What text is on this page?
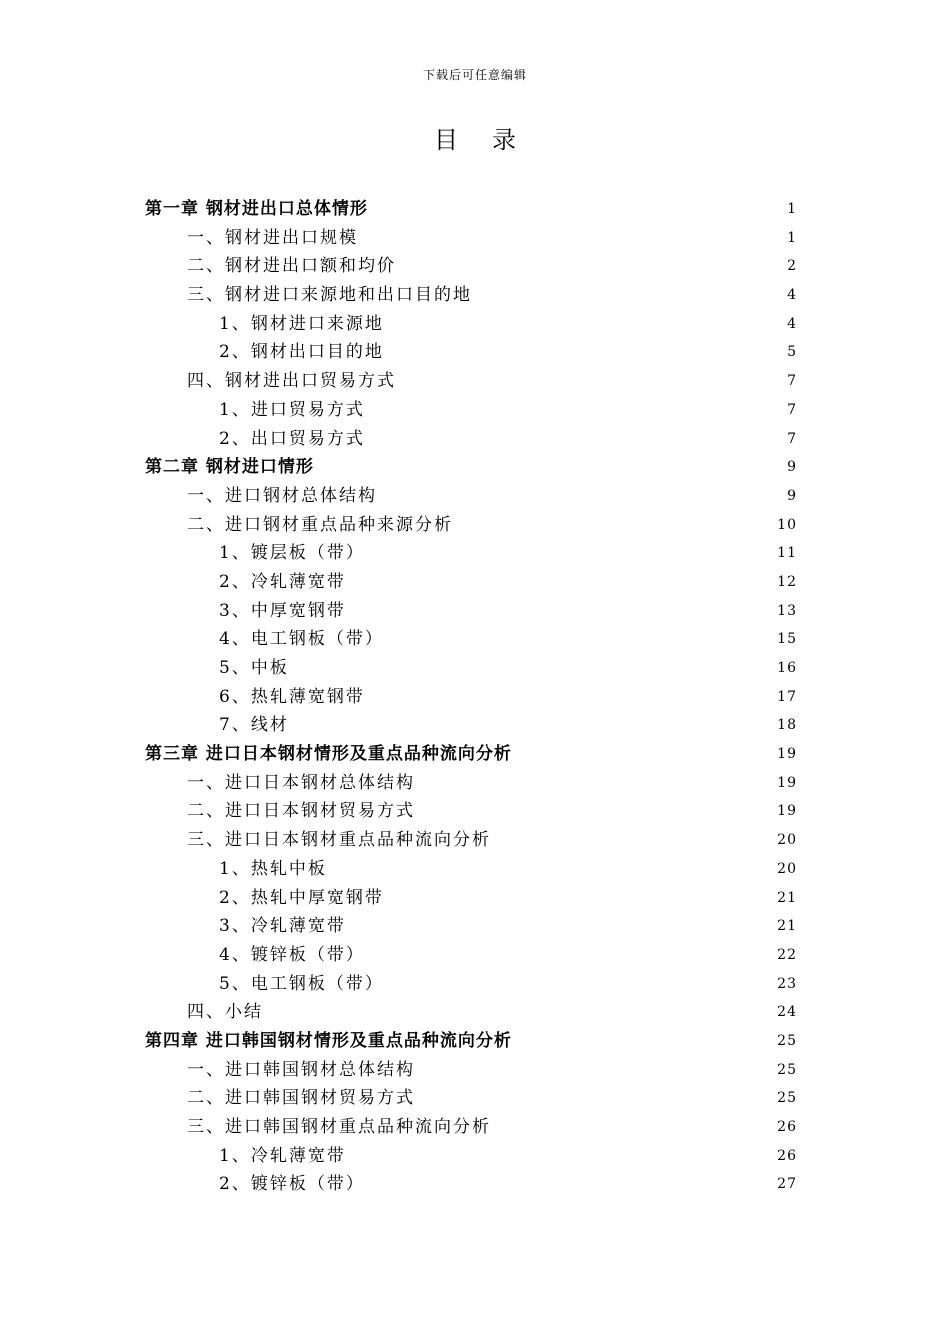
下载后可任意编辑
目 录
第一章 钢材进出口总体情形	1
一、钢材进出口规模	1
二、钢材进出口额和均价	2
三、钢材进口来源地和出口目的地	4
1、钢材进口来源地	4
2、钢材出口目的地	5
四、钢材进出口贸易方式	7
1、进口贸易方式	7
2、出口贸易方式	7
第二章 钢材进口情形	9
一、进口钢材总体结构	9
二、进口钢材重点品种来源分析	10
1、镀层板（带）	11
2、冷轧薄宽带	12
3、中厚宽钢带	13
4、电工钢板（带）	15
5、中板	16
6、热轧薄宽钢带	17
7、线材	18
第三章 进口日本钢材情形及重点品种流向分析	19
一、进口日本钢材总体结构	19
二、进口日本钢材贸易方式	19
三、进口日本钢材重点品种流向分析	20
1、热轧中板	20
2、热轧中厚宽钢带	21
3、冷轧薄宽带	21
4、镀锌板（带）	22
5、电工钢板（带）	23
四、小结	24
第四章 进口韩国钢材情形及重点品种流向分析	25
一、进口韩国钢材总体结构	25
二、进口韩国钢材贸易方式	25
三、进口韩国钢材重点品种流向分析	26
1、冷轧薄宽带	26
2、镀锌板（带）	27
